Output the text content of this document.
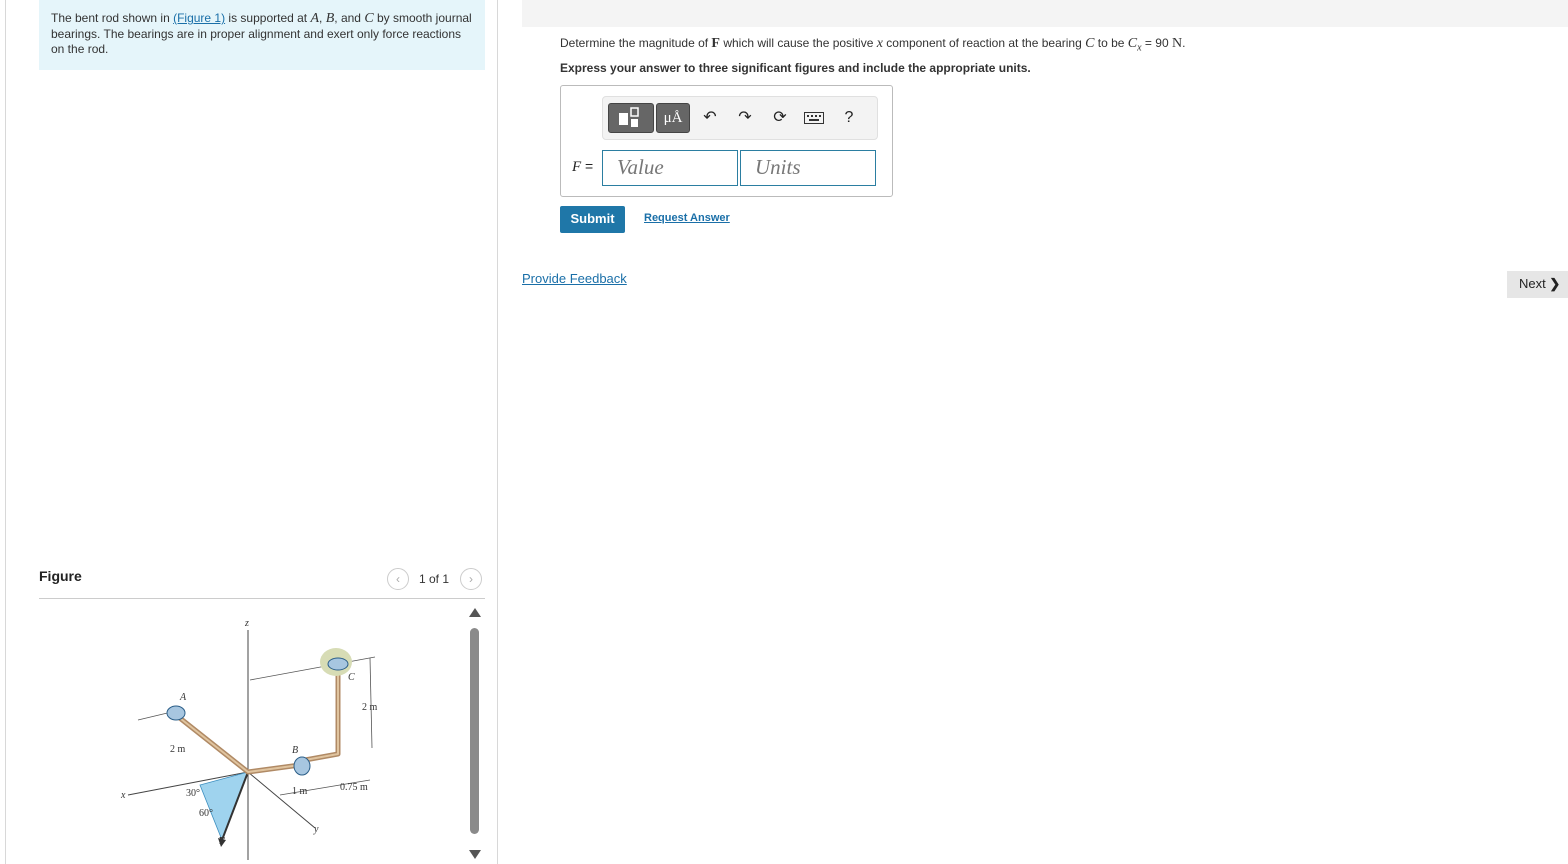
The bent rod shown in (Figure 1) is supported at A, B, and C by smooth journal bearings. The bearings are in proper alignment and exert only force reactions on the rod.
Figure	‹	1 of 1	›
z
x
y
A
B
C
F
2 m
2 m
1 m	0.75 m
30°
60°
Determine the magnitude of F which will cause the positive x component of reaction at the bearing C to be $C_x = 90$ N.
Express your answer to three significant figures and include the appropriate units.
μÅ	↶ ↷ ⟳	?
F =	Value	Units
Submit	Request Answer
Provide Feedback	Next ❯
